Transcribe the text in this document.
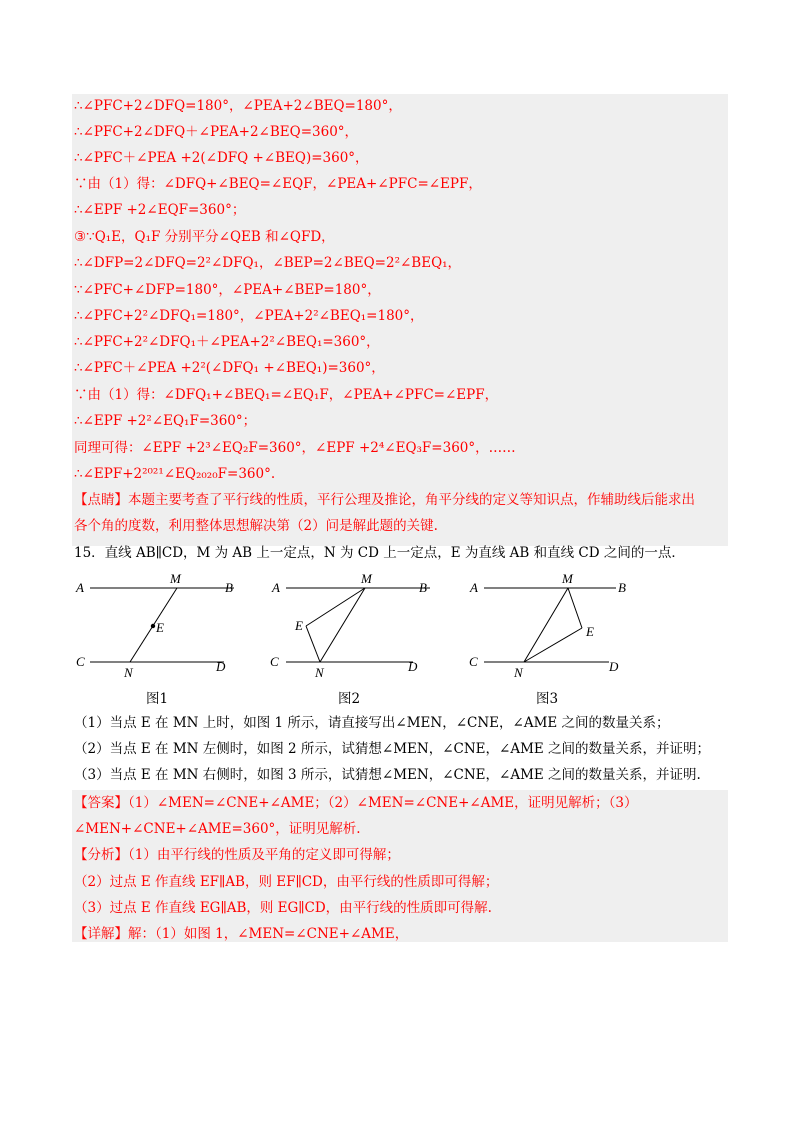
∴∠PFC+2∠DFQ=180°，∠PEA+2∠BEQ=180°，
∴∠PFC+2∠DFQ＋∠PEA+2∠BEQ=360°，
∴∠PFC＋∠PEA +2(∠DFQ +∠BEQ)=360°，
∵由（1）得：∠DFQ+∠BEQ=∠EQF，∠PEA+∠PFC=∠EPF，
∴∠EPF +2∠EQF=360°；
③∵Q₁E，Q₁F 分别平分∠QEB 和∠QFD，
∴∠DFP=2∠DFQ=2²∠DFQ₁，∠BEP=2∠BEQ=2²∠BEQ₁，
∵∠PFC+∠DFP=180°，∠PEA+∠BEP=180°，
∴∠PFC+2²∠DFQ₁=180°，∠PEA+2²∠BEQ₁=180°，
∴∠PFC+2²∠DFQ₁＋∠PEA+2²∠BEQ₁=360°，
∴∠PFC＋∠PEA +2²(∠DFQ₁ +∠BEQ₁)=360°，
∵由（1）得：∠DFQ₁+∠BEQ₁=∠EQ₁F，∠PEA+∠PFC=∠EPF，
∴∠EPF +2²∠EQ₁F=360°；
同理可得：∠EPF +2³∠EQ₂F=360°，∠EPF +2⁴∠EQ₃F=360°，……
∴∠EPF+2²⁰²¹∠EQ₂₀₂₀F=360°.
【点睛】本题主要考查了平行线的性质，平行公理及推论，角平分线的定义等知识点，作辅助线后能求出
各个角的度数，利用整体思想解决第（2）问是解此题的关键.
15．直线 AB∥CD，M 为 AB 上一定点，N 为 CD 上一定点，E 为直线 AB 和直线 CD 之间的一点．
A	B
M
E
C	D
N
A	B
M
E
C	D
N
A	B
M
E
C	D
N
图1	图2	图3
（1）当点 E 在 MN 上时，如图 1 所示，请直接写出∠MEN，∠CNE，∠AME 之间的数量关系；
（2）当点 E 在 MN 左侧时，如图 2 所示，试猜想∠MEN，∠CNE，∠AME 之间的数量关系，并证明；
（3）当点 E 在 MN 右侧时，如图 3 所示，试猜想∠MEN，∠CNE，∠AME 之间的数量关系，并证明.
【答案】（1）∠MEN=∠CNE+∠AME；（2）∠MEN=∠CNE+∠AME，证明见解析；（3）
∠MEN+∠CNE+∠AME=360°，证明见解析.
【分析】（1）由平行线的性质及平角的定义即可得解；
（2）过点 E 作直线 EF∥AB，则 EF∥CD，由平行线的性质即可得解；
（3）过点 E 作直线 EG∥AB，则 EG∥CD，由平行线的性质即可得解.
【详解】解：（1）如图 1，∠MEN=∠CNE+∠AME，
